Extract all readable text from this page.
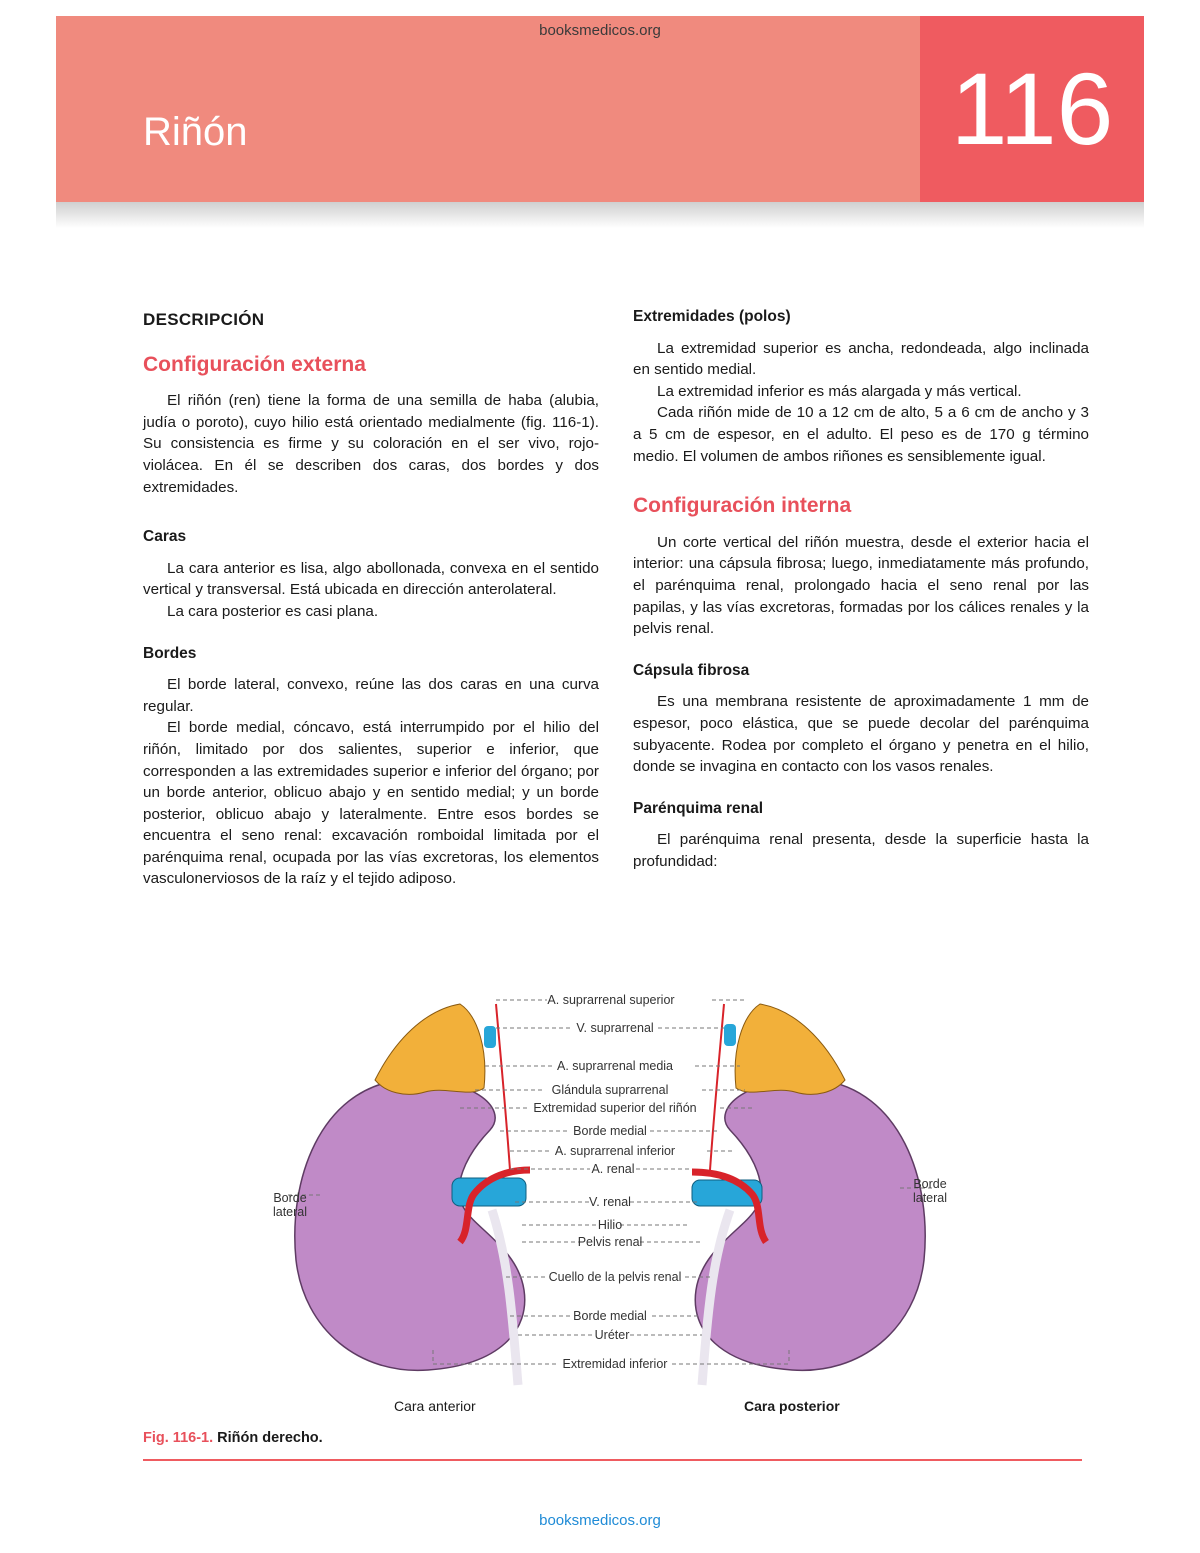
booksmedicos.org
Riñón	116
DESCRIPCIÓN
Configuración externa

El riñón (ren) tiene la forma de una semilla de haba (alubia, judía o poroto), cuyo hilio está orientado medialmente (fig. 116-1). Su consistencia es firme y su coloración en el ser vivo, rojo-violácea. En él se describen dos caras, dos bordes y dos extremidades.

Caras

La cara anterior es lisa, algo abollonada, convexa en el sentido vertical y transversal. Está ubicada en dirección anterolateral.

La cara posterior es casi plana.

Bordes

El borde lateral, convexo, reúne las dos caras en una curva regular.

El borde medial, cóncavo, está interrumpido por el hilio del riñón, limitado por dos salientes, superior e inferior, que corresponden a las extremidades superior e inferior del órgano; por un borde anterior, oblicuo abajo y en sentido medial; y un borde posterior, oblicuo abajo y lateralmente. Entre esos bordes se encuentra el seno renal: excavación romboidal limitada por el parénquima renal, ocupada por las vías excretoras, los elementos vasculonerviosos de la raíz y el tejido adiposo.

Extremidades (polos)

La extremidad superior es ancha, redondeada, algo inclinada en sentido medial.

La extremidad inferior es más alargada y más vertical.

Cada riñón mide de 10 a 12 cm de alto, 5 a 6 cm de ancho y 3 a 5 cm de espesor, en el adulto. El peso es de 170 g término medio. El volumen de ambos riñones es sensiblemente igual.

Configuración interna

Un corte vertical del riñón muestra, desde el exterior hacia el interior: una cápsula fibrosa; luego, inmediatamente más profundo, el parénquima renal, prolongado hacia el seno renal por las papilas, y las vías excretoras, formadas por los cálices renales y la pelvis renal.

Cápsula fibrosa

Es una membrana resistente de aproximadamente 1 mm de espesor, poco elástica, que se puede decolar del parénquima subyacente. Rodea por completo el órgano y penetra en el hilio, donde se invagina en contacto con los vasos renales.

Parénquima renal

El parénquima renal presenta, desde la superficie hasta la profundidad:

A. suprarrenal superior
V. suprarrenal
A. suprarrenal media
Glándula suprarrenal
Extremidad superior del riñón
Borde medial
A. suprarrenal inferior
A. renal
V. renal
Hilio
Pelvis renal
Cuello de la pelvis renal
Borde medial
Uréter
Extremidad inferior
Borde
lateral
Borde
lateral
Cara anterior	Cara posterior
Fig. 116-1. Riñón derecho.
booksmedicos.org
